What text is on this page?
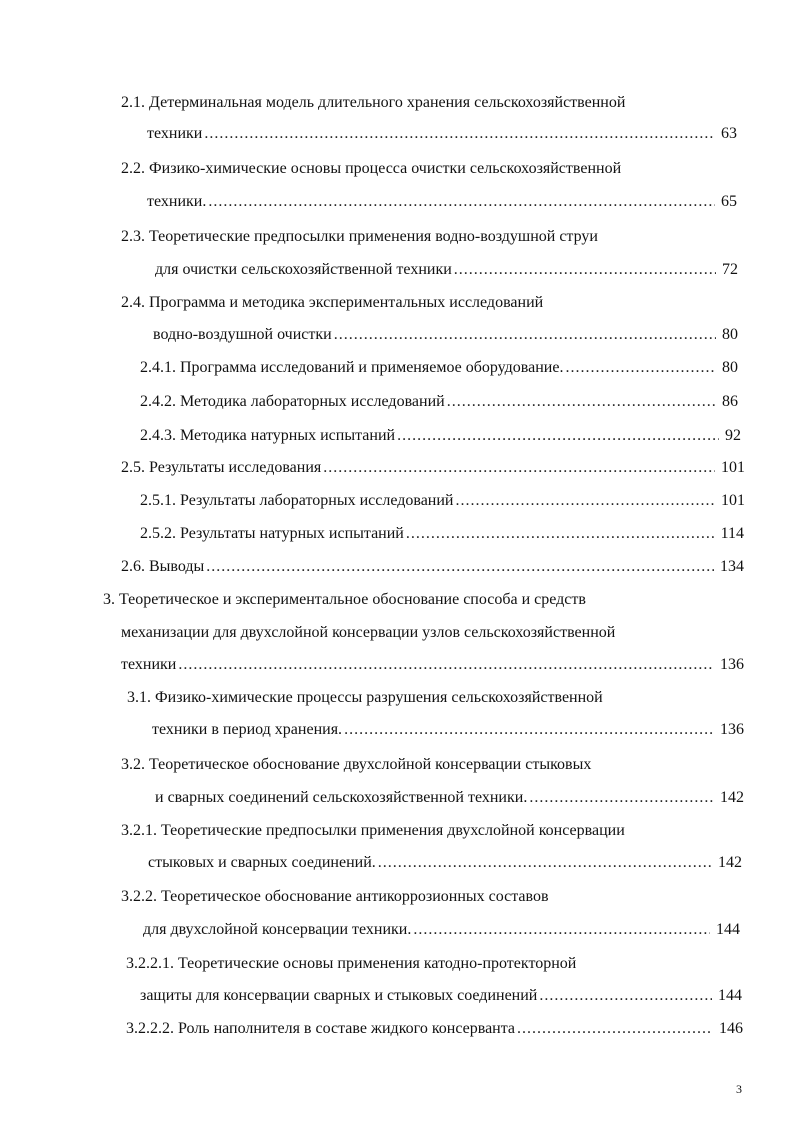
2.1. Детерминальная модель длительного хранения сельскохозяйственной
техники .....	63
2.2. Физико-химические основы процесса очистки сельскохозяйственной
техники. .....	65
2.3. Теоретические предпосылки применения водно-воздушной струи
для очистки сельскохозяйственной техники .....	72
2.4. Программа и методика экспериментальных исследований
водно-воздушной очистки .....	80
2.4.1. Программа исследований и применяемое оборудование. .....	80
2.4.2. Методика лабораторных исследований .....	86
2.4.3. Методика натурных испытаний .....	92
2.5. Результаты исследования .....	101
2.5.1. Результаты лабораторных исследований .....	101
2.5.2. Результаты натурных испытаний .....	114
2.6. Выводы .....	134
3. Теоретическое и экспериментальное обоснование способа и средств
механизации для двухслойной консервации узлов сельскохозяйственной
техники .....	136
3.1. Физико-химические процессы разрушения сельскохозяйственной
техники в период хранения. .....	136
3.2. Теоретическое обоснование двухслойной консервации стыковых
и сварных соединений сельскохозяйственной техники. .....	142
3.2.1. Теоретические предпосылки применения двухслойной консервации
стыковых и сварных соединений. .....	142
3.2.2. Теоретическое обоснование антикоррозионных составов
для двухслойной консервации техники. .....	144
3.2.2.1. Теоретические основы применения катодно-протекторной
защиты для консервации сварных и стыковых соединений .....	144
3.2.2.2. Роль наполнителя в составе жидкого консерванта .....	146
3
